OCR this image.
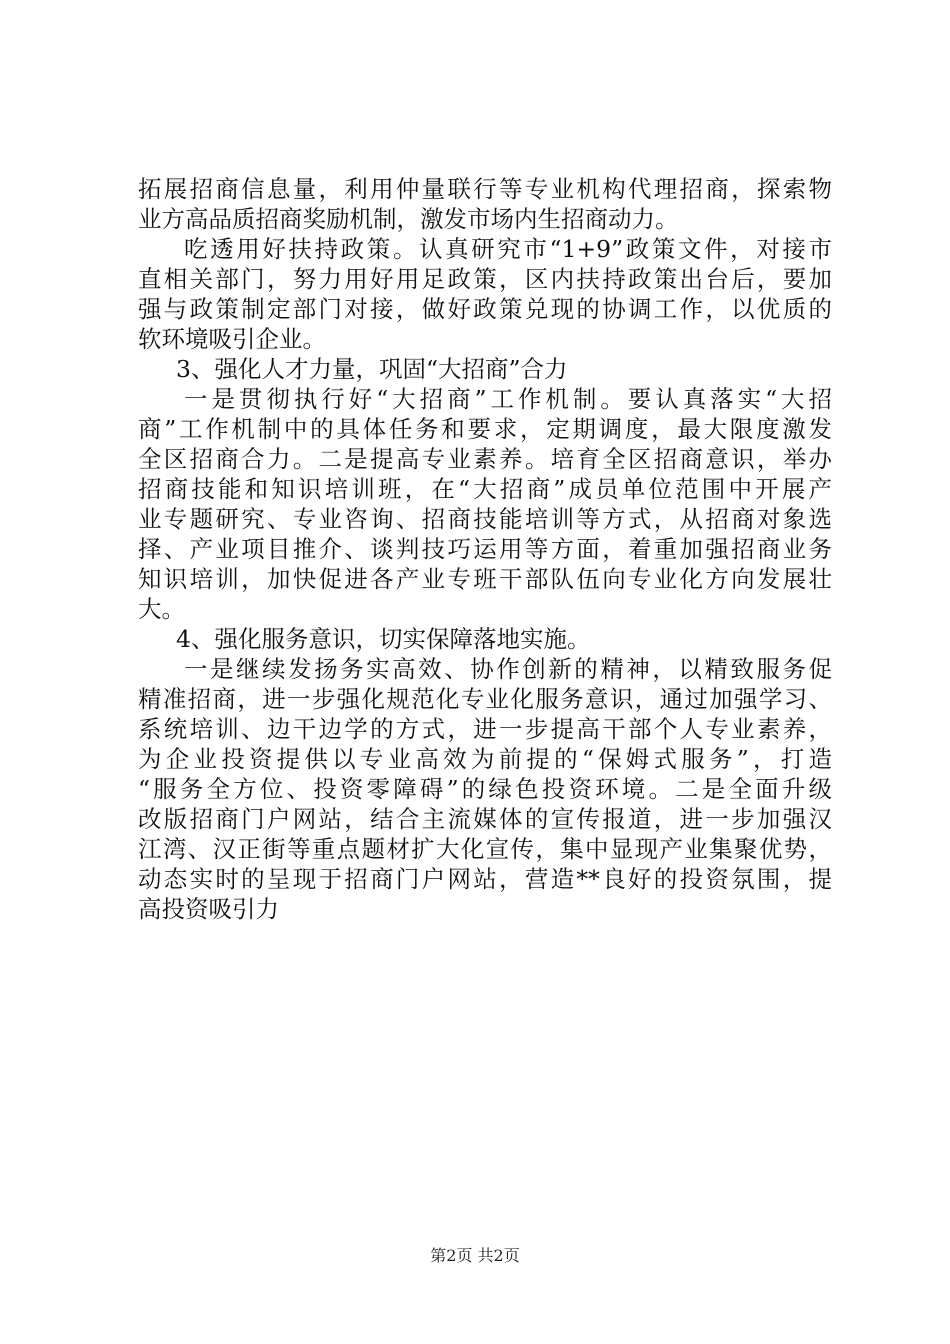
拓展招商信息量，利用仲量联行等专业机构代理招商，探索物
业方高品质招商奖励机制，激发市场内生招商动力。
吃透用好扶持政策。认真研究市“1+9”政策文件，对接市
直相关部门，努力用好用足政策，区内扶持政策出台后，要加
强与政策制定部门对接，做好政策兑现的协调工作，以优质的
软环境吸引企业。
3、强化人才力量，巩固“大招商”合力
一是贯彻执行好“大招商”工作机制。要认真落实“大招
商”工作机制中的具体任务和要求，定期调度，最大限度激发
全区招商合力。二是提高专业素养。培育全区招商意识，举办
招商技能和知识培训班，在“大招商”成员单位范围中开展产
业专题研究、专业咨询、招商技能培训等方式，从招商对象选
择、产业项目推介、谈判技巧运用等方面，着重加强招商业务
知识培训，加快促进各产业专班干部队伍向专业化方向发展壮
大。
4、强化服务意识，切实保障落地实施。
一是继续发扬务实高效、协作创新的精神，以精致服务促
精准招商，进一步强化规范化专业化服务意识，通过加强学习、
系统培训、边干边学的方式，进一步提高干部个人专业素养，
为企业投资提供以专业高效为前提的“保姆式服务”，打造
“服务全方位、投资零障碍”的绿色投资环境。二是全面升级
改版招商门户网站，结合主流媒体的宣传报道，进一步加强汉
江湾、汉正街等重点题材扩大化宣传，集中显现产业集聚优势，
动态实时的呈现于招商门户网站，营造**良好的投资氛围，提
高投资吸引力
第2页 共2页
